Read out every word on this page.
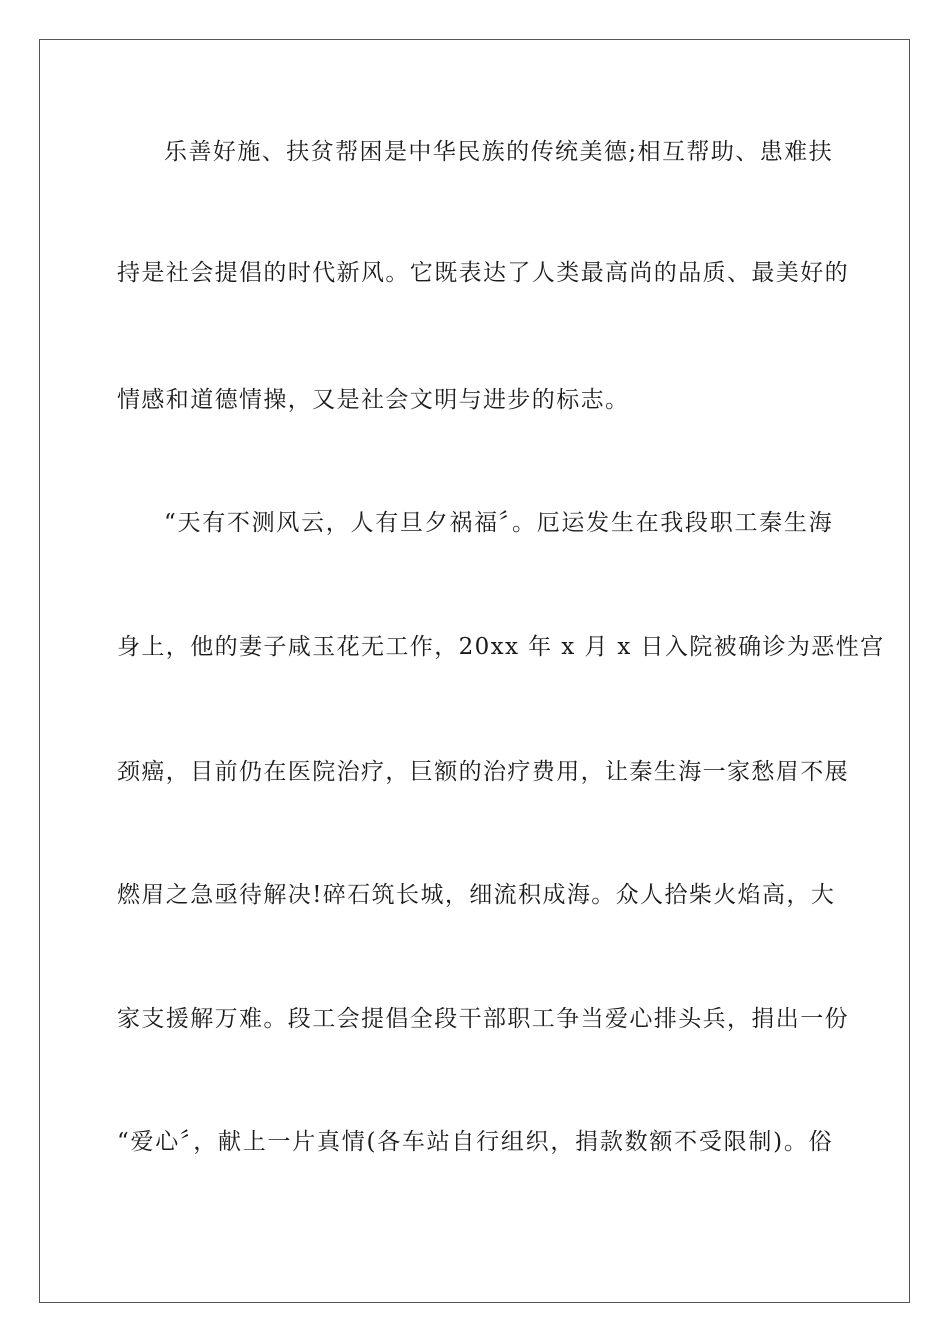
乐善好施、扶贫帮困是中华民族的传统美德;相互帮助、患难扶
持是社会提倡的时代新风。它既表达了人类最高尚的品质、最美好的
情感和道德情操，又是社会文明与进步的标志。
“天有不测风云，人有旦夕祸福〞。厄运发生在我段职工秦生海
身上，他的妻子咸玉花无工作，20xx 年 x 月 x 日入院被确诊为恶性宫
颈癌，目前仍在医院治疗，巨额的治疗费用，让秦生海一家愁眉不展
燃眉之急亟待解决!碎石筑长城，细流积成海。众人拾柴火焰高，大
家支援解万难。段工会提倡全段干部职工争当爱心排头兵，捐出一份
“爱心〞，献上一片真情(各车站自行组织，捐款数额不受限制)。俗
